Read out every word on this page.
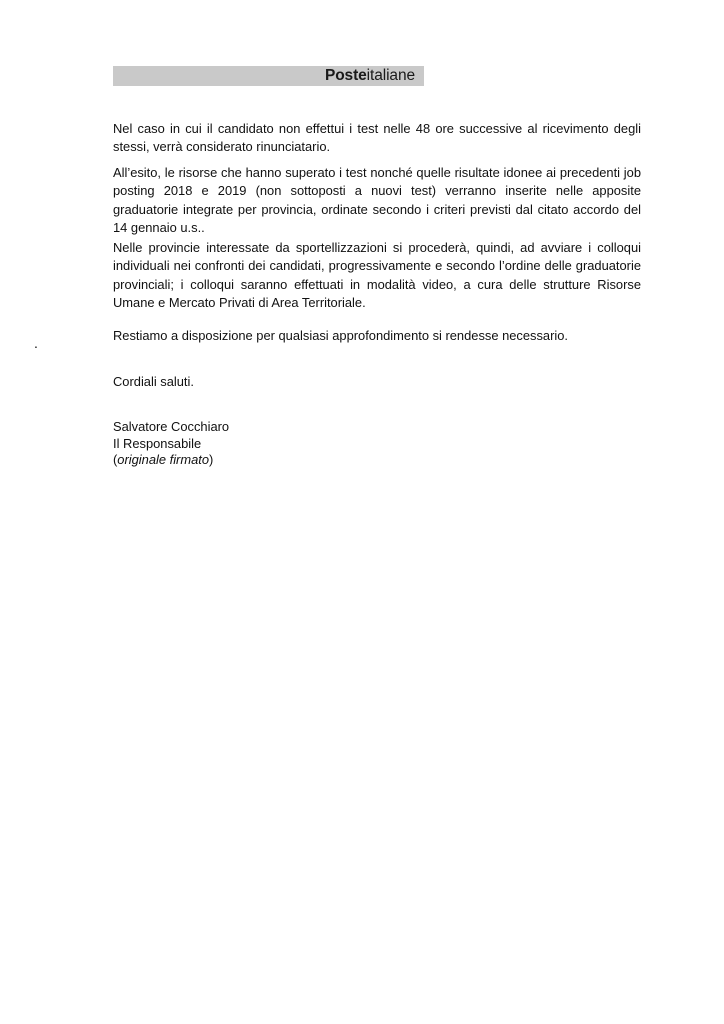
Posteitaliane

Nel caso in cui il candidato non effettui i test nelle 48 ore successive al ricevimento degli stessi, verrà considerato rinunciatario.

All’esito, le risorse che hanno superato i test nonché quelle risultate idonee ai precedenti job posting 2018 e 2019 (non sottoposti a nuovi test) verranno inserite nelle apposite graduatorie integrate per provincia, ordinate secondo i criteri previsti dal citato accordo del 14 gennaio u.s..

Nelle provincie interessate da sportellizzazioni si procederà, quindi, ad avviare i colloqui individuali nei confronti dei candidati, progressivamente e secondo l’ordine delle graduatorie provinciali; i colloqui saranno effettuati in modalità video, a cura delle strutture Risorse Umane e Mercato Privati di Area Territoriale.

Restiamo a disposizione per qualsiasi approfondimento si rendesse necessario.

.
Cordiali saluti.
Salvatore Cocchiaro
Il Responsabile
(originale firmato)
